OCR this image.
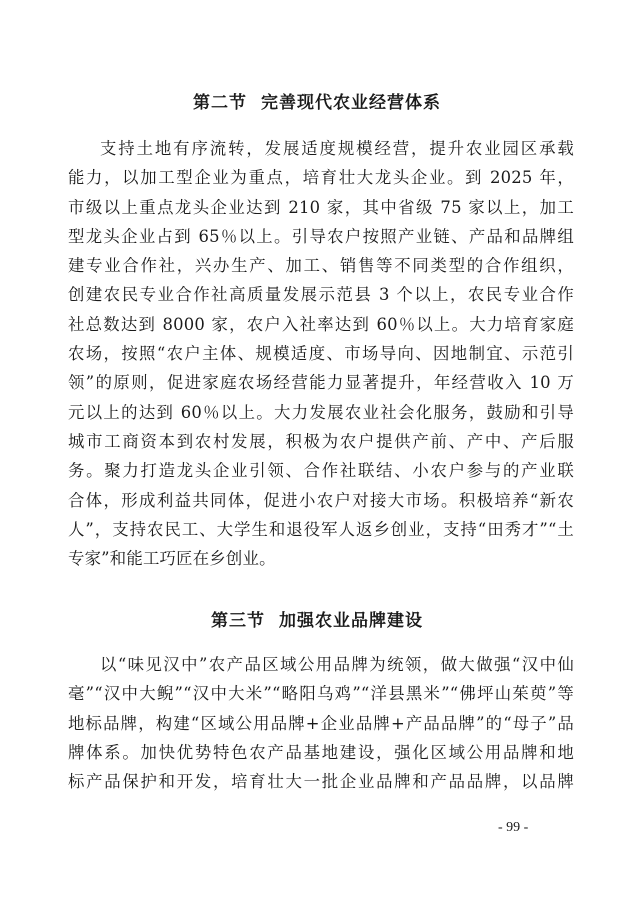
第二节 完善现代农业经营体系
支持土地有序流转，发展适度规模经营，提升农业园区承载
能力，以加工型企业为重点，培育壮大龙头企业。到 2025 年，
市级以上重点龙头企业达到 210 家，其中省级 75 家以上，加工
型龙头企业占到 65％以上。引导农户按照产业链、产品和品牌组
建专业合作社，兴办生产、加工、销售等不同类型的合作组织，
创建农民专业合作社高质量发展示范县 3 个以上，农民专业合作
社总数达到 8000 家，农户入社率达到 60％以上。大力培育家庭
农场，按照“农户主体、规模适度、市场导向、因地制宜、示范引
领”的原则，促进家庭农场经营能力显著提升，年经营收入 10 万
元以上的达到 60％以上。大力发展农业社会化服务，鼓励和引导
城市工商资本到农村发展，积极为农户提供产前、产中、产后服
务。聚力打造龙头企业引领、合作社联结、小农户参与的产业联
合体，形成利益共同体，促进小农户对接大市场。积极培养“新农
人”，支持农民工、大学生和退役军人返乡创业，支持“田秀才”“土
专家”和能工巧匠在乡创业。
第三节 加强农业品牌建设
以“味见汉中”农产品区域公用品牌为统领，做大做强“汉中仙
毫”“汉中大鲵”“汉中大米”“略阳乌鸡”“洋县黑米”“佛坪山茱萸”等
地标品牌，构建“区域公用品牌+企业品牌+产品品牌”的“母子”品
牌体系。加快优势特色农产品基地建设，强化区域公用品牌和地
标产品保护和开发，培育壮大一批企业品牌和产品品牌，以品牌
- 99 -
